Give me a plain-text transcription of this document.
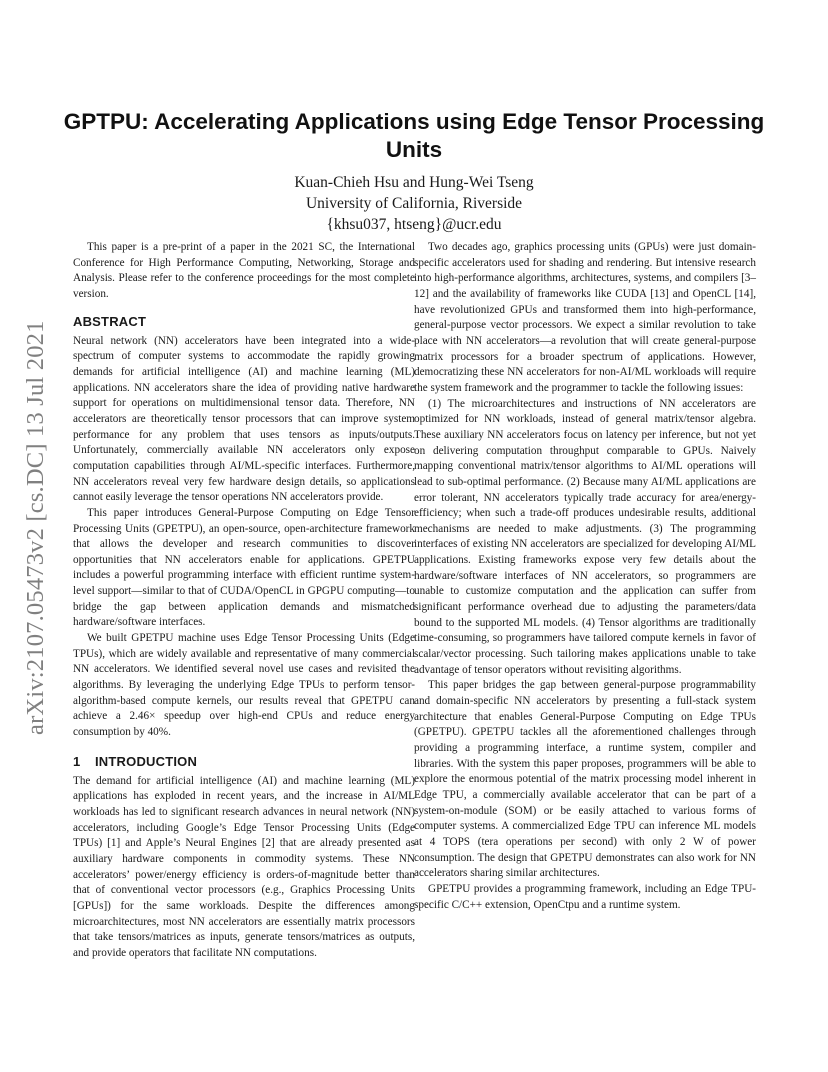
arXiv:2107.05473v2 [cs.DC] 13 Jul 2021
GPTPU: Accelerating Applications using Edge Tensor Processing Units
Kuan-Chieh Hsu and Hung-Wei Tseng
University of California, Riverside
{khsu037, htseng}@ucr.edu

This paper is a pre-print of a paper in the 2021 SC, the International Conference for High Performance Computing, Networking, Storage and Analysis. Please refer to the conference proceedings for the most complete version.

ABSTRACT

Neural network (NN) accelerators have been integrated into a wide-spectrum of computer systems to accommodate the rapidly growing demands for artificial intelligence (AI) and machine learning (ML) applications. NN accelerators share the idea of providing native hardware support for operations on multidimensional tensor data. Therefore, NN accelerators are theoretically tensor processors that can improve system performance for any problem that uses tensors as inputs/outputs. Unfortunately, commercially available NN accelerators only expose computation capabilities through AI/ML-specific interfaces. Furthermore, NN accelerators reveal very few hardware design details, so applications cannot easily leverage the tensor operations NN accelerators provide.

This paper introduces General-Purpose Computing on Edge Tensor Processing Units (GPETPU), an open-source, open-architecture framework that allows the developer and research communities to discover opportunities that NN accelerators enable for applications. GPETPU includes a powerful programming interface with efficient runtime system-level support—similar to that of CUDA/OpenCL in GPGPU computing—to bridge the gap between application demands and mismatched hardware/software interfaces.

We built GPETPU machine uses Edge Tensor Processing Units (Edge TPUs), which are widely available and representative of many commercial NN accelerators. We identified several novel use cases and revisited the algorithms. By leveraging the underlying Edge TPUs to perform tensor-algorithm-based compute kernels, our results reveal that GPETPU can achieve a 2.46× speedup over high-end CPUs and reduce energy consumption by 40%.

1 INTRODUCTION

The demand for artificial intelligence (AI) and machine learning (ML) applications has exploded in recent years, and the increase in AI/ML workloads has led to significant research advances in neural network (NN) accelerators, including Google’s Edge Tensor Processing Units (Edge TPUs) [1] and Apple’s Neural Engines [2] that are already presented as auxiliary hardware components in commodity systems. These NN accelerators’ power/energy efficiency is orders-of-magnitude better than that of conventional vector processors (e.g., Graphics Processing Units [GPUs]) for the same workloads. Despite the differences among microarchitectures, most NN accelerators are essentially matrix processors that take tensors/matrices as inputs, generate tensors/matrices as outputs, and provide operators that facilitate NN computations.

Two decades ago, graphics processing units (GPUs) were just domain-specific accelerators used for shading and rendering. But intensive research into high-performance algorithms, architectures, systems, and compilers [3–12] and the availability of frameworks like CUDA [13] and OpenCL [14], have revolutionized GPUs and transformed them into high-performance, general-purpose vector processors. We expect a similar revolution to take place with NN accelerators—a revolution that will create general-purpose matrix processors for a broader spectrum of applications. However, democratizing these NN accelerators for non-AI/ML workloads will require the system framework and the programmer to tackle the following issues:

(1) The microarchitectures and instructions of NN accelerators are optimized for NN workloads, instead of general matrix/tensor algebra. These auxiliary NN accelerators focus on latency per inference, but not yet on delivering computation throughput comparable to GPUs. Naively mapping conventional matrix/tensor algorithms to AI/ML operations will lead to sub-optimal performance. (2) Because many AI/ML applications are error tolerant, NN accelerators typically trade accuracy for area/energy-efficiency; when such a trade-off produces undesirable results, additional mechanisms are needed to make adjustments. (3) The programming interfaces of existing NN accelerators are specialized for developing AI/ML applications. Existing frameworks expose very few details about the hardware/software interfaces of NN accelerators, so programmers are unable to customize computation and the application can suffer from significant performance overhead due to adjusting the parameters/data bound to the supported ML models. (4) Tensor algorithms are traditionally time-consuming, so programmers have tailored compute kernels in favor of scalar/vector processing. Such tailoring makes applications unable to take advantage of tensor operators without revisiting algorithms.

This paper bridges the gap between general-purpose programmability and domain-specific NN accelerators by presenting a full-stack system architecture that enables General-Purpose Computing on Edge TPUs (GPETPU). GPETPU tackles all the aforementioned challenges through providing a programming interface, a runtime system, compiler and libraries. With the system this paper proposes, programmers will be able to explore the enormous potential of the matrix processing model inherent in Edge TPU, a commercially available accelerator that can be part of a system-on-module (SOM) or be easily attached to various forms of computer systems. A commercialized Edge TPU can inference ML models at 4 TOPS (tera operations per second) with only 2 W of power consumption. The design that GPETPU demonstrates can also work for NN accelerators sharing similar architectures.

GPETPU provides a programming framework, including an Edge TPU-specific C/C++ extension, OpenCtpu and a runtime system.
